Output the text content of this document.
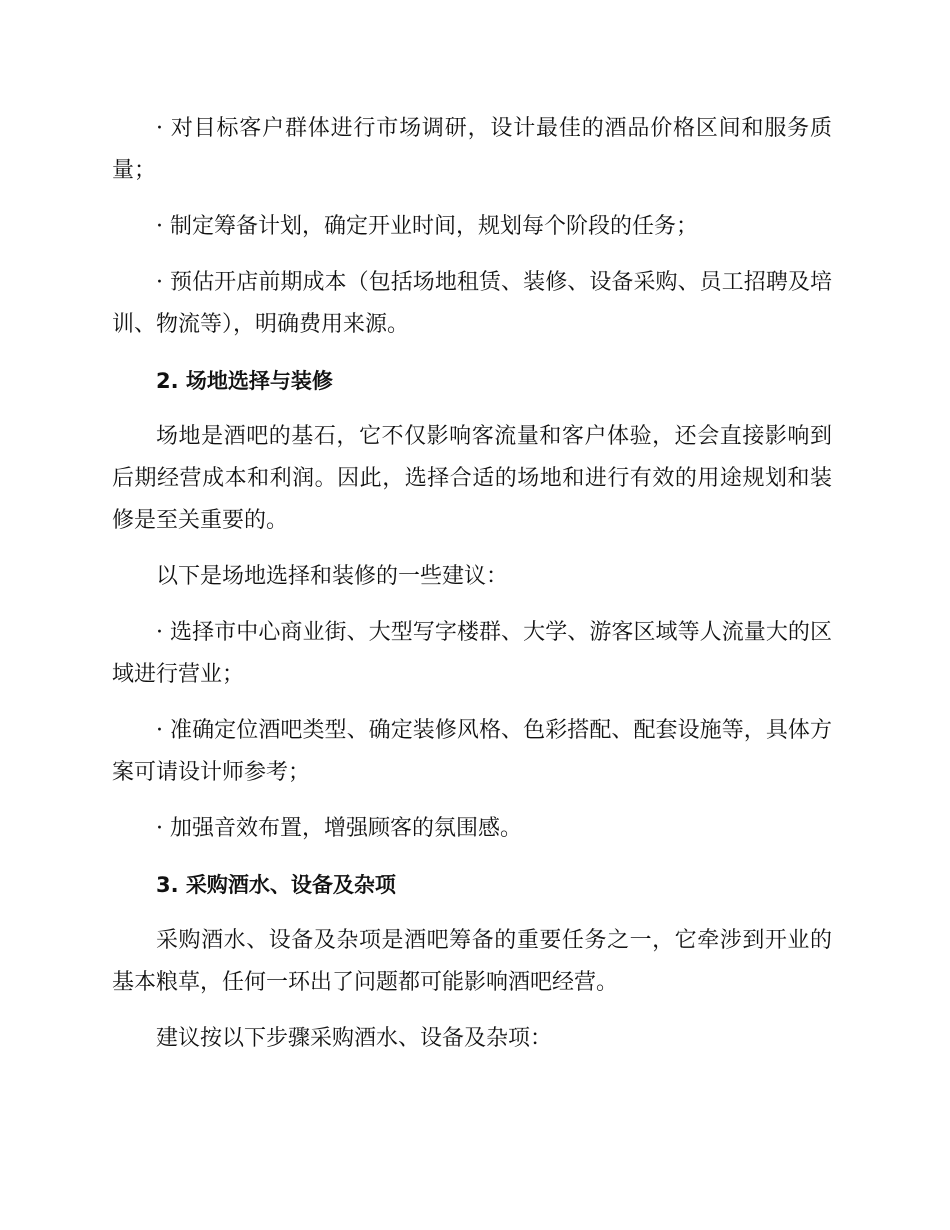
· 对目标客户群体进行市场调研，设计最佳的酒品价格区间和服务质量；

· 制定筹备计划，确定开业时间，规划每个阶段的任务；

· 预估开店前期成本（包括场地租赁、装修、设备采购、员工招聘及培训、物流等），明确费用来源。

2. 场地选择与装修

场地是酒吧的基石，它不仅影响客流量和客户体验，还会直接影响到后期经营成本和利润。因此，选择合适的场地和进行有效的用途规划和装修是至关重要的。

以下是场地选择和装修的一些建议：

· 选择市中心商业街、大型写字楼群、大学、游客区域等人流量大的区域进行营业；

· 准确定位酒吧类型、确定装修风格、色彩搭配、配套设施等，具体方案可请设计师参考；

· 加强音效布置，增强顾客的氛围感。

3. 采购酒水、设备及杂项

采购酒水、设备及杂项是酒吧筹备的重要任务之一，它牵涉到开业的基本粮草，任何一环出了问题都可能影响酒吧经营。

建议按以下步骤采购酒水、设备及杂项：
